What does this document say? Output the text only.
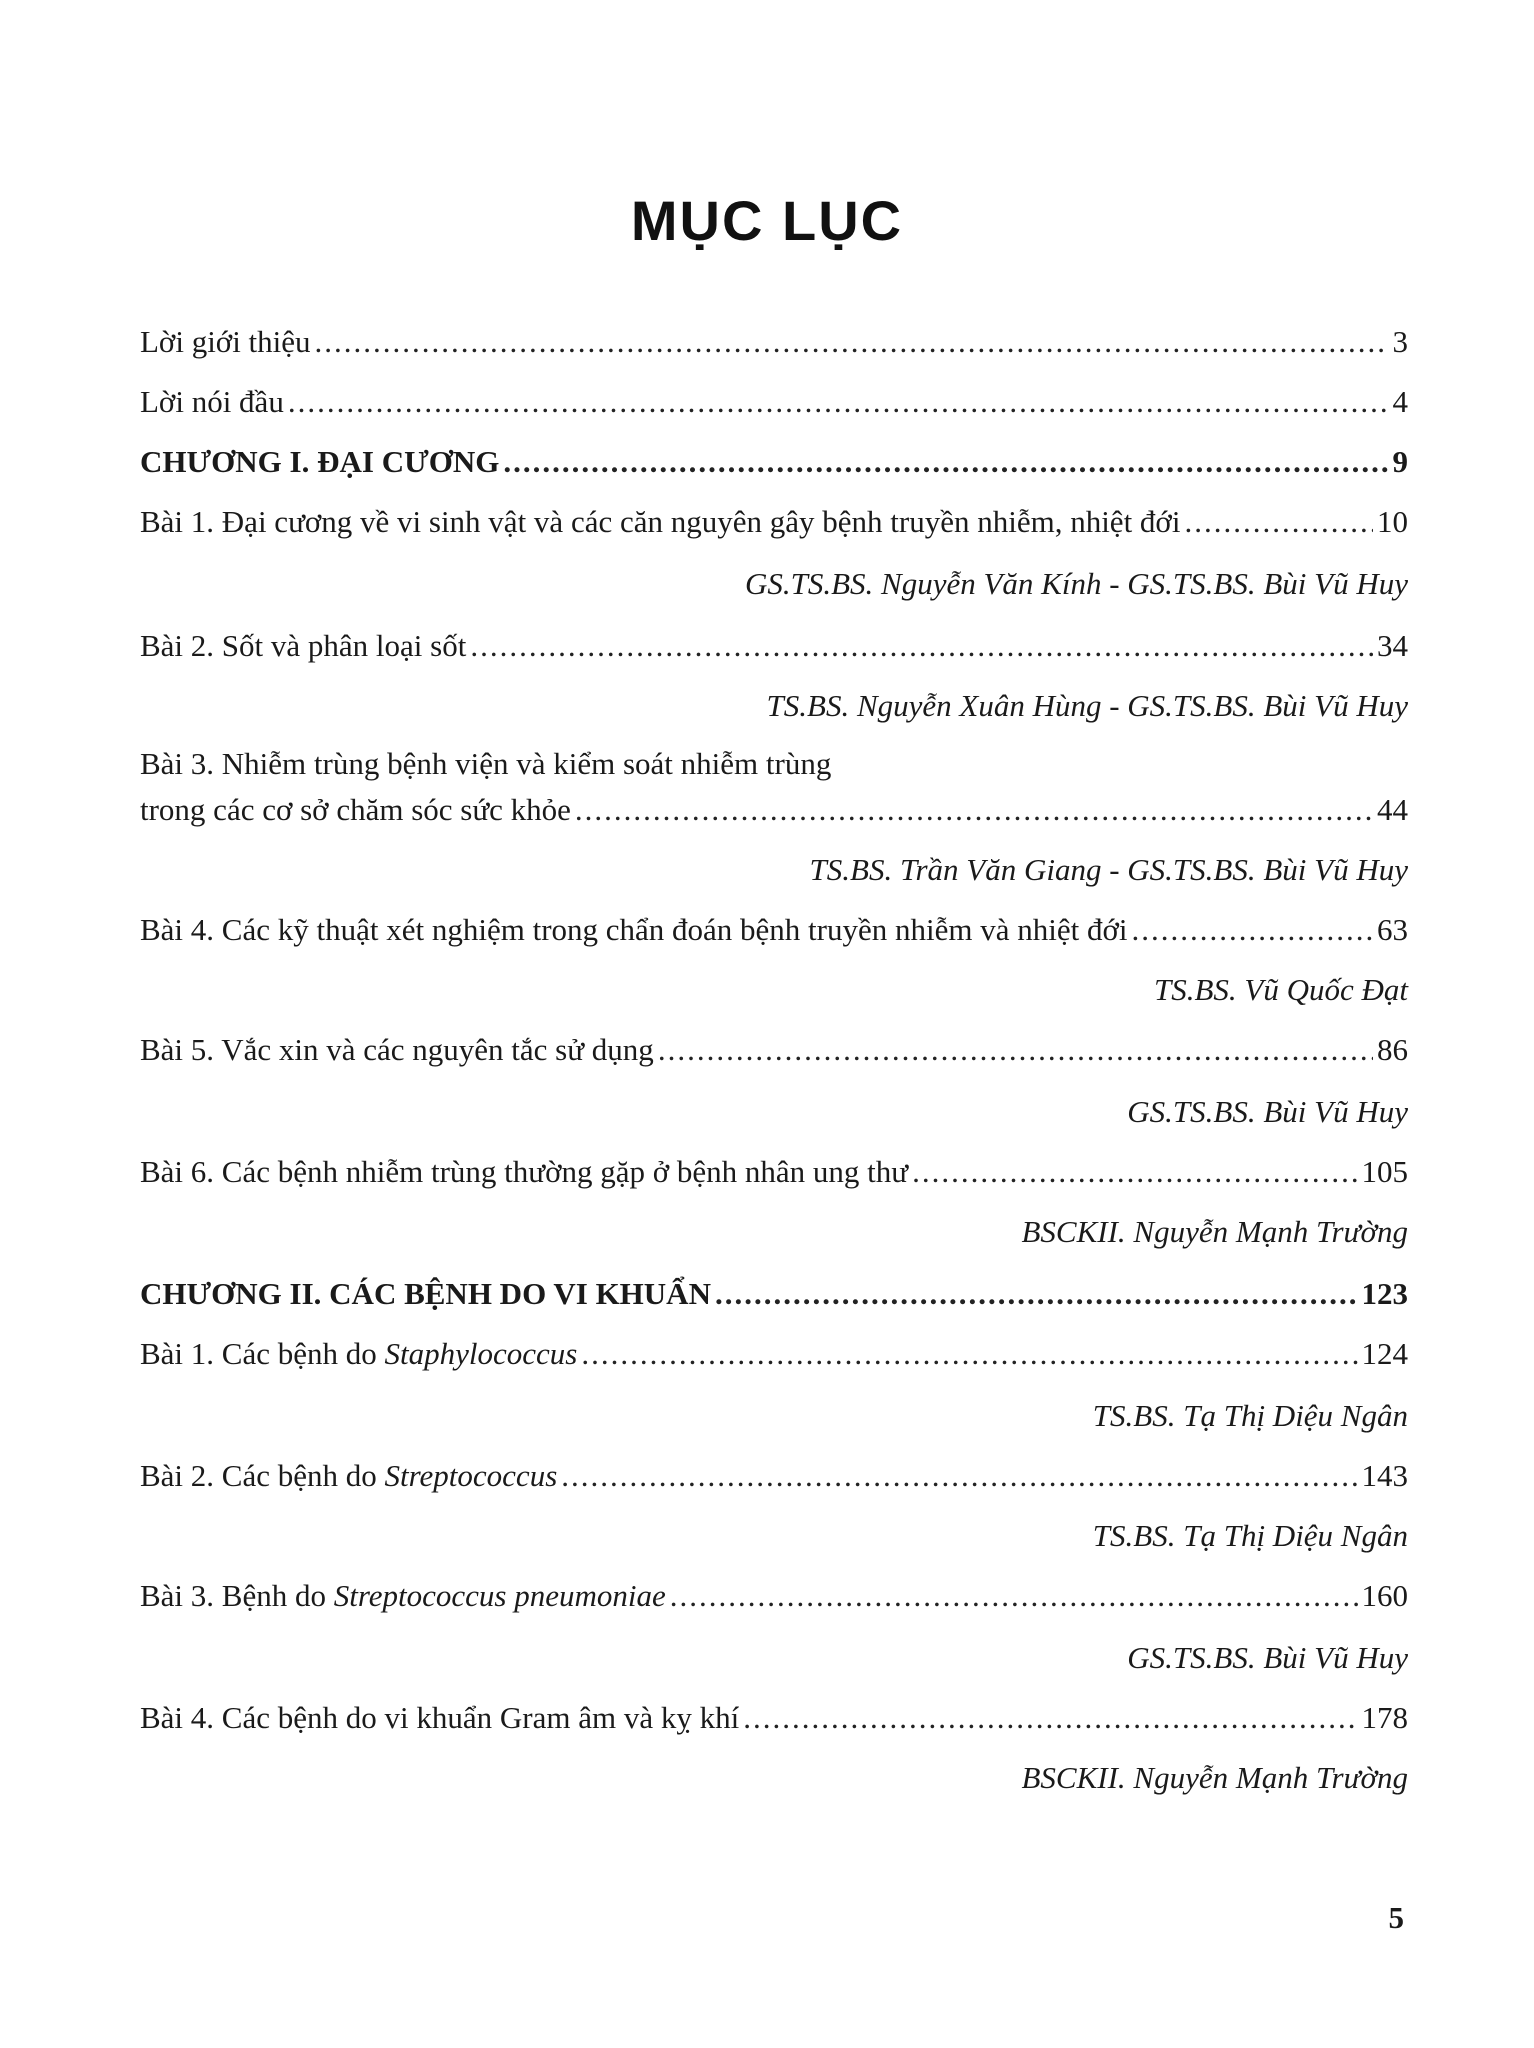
MỤC LỤC
Lời giới thiệu .....	3
Lời nói đầu .....	4
CHƯƠNG I. ĐẠI CƯƠNG .....	9
Bài 1. Đại cương về vi sinh vật và các căn nguyên gây bệnh truyền nhiễm, nhiệt đới .....	10
GS.TS.BS. Nguyễn Văn Kính - GS.TS.BS. Bùi Vũ Huy
Bài 2. Sốt và phân loại sốt .....	34
TS.BS. Nguyễn Xuân Hùng - GS.TS.BS. Bùi Vũ Huy
Bài 3. Nhiễm trùng bệnh viện và kiểm soát nhiễm trùng
trong các cơ sở chăm sóc sức khỏe .....	44
TS.BS. Trần Văn Giang - GS.TS.BS. Bùi Vũ Huy
Bài 4. Các kỹ thuật xét nghiệm trong chẩn đoán bệnh truyền nhiễm và nhiệt đới .....	63
TS.BS. Vũ Quốc Đạt
Bài 5. Vắc xin và các nguyên tắc sử dụng .....	86
GS.TS.BS. Bùi Vũ Huy
Bài 6. Các bệnh nhiễm trùng thường gặp ở bệnh nhân ung thư .....	105
BSCKII. Nguyễn Mạnh Trường
CHƯƠNG II. CÁC BỆNH DO VI KHUẨN .....	123
Bài 1. Các bệnh do Staphylococcus .....	124
TS.BS. Tạ Thị Diệu Ngân
Bài 2. Các bệnh do Streptococcus .....	143
TS.BS. Tạ Thị Diệu Ngân
Bài 3. Bệnh do Streptococcus pneumoniae .....	160
GS.TS.BS. Bùi Vũ Huy
Bài 4. Các bệnh do vi khuẩn Gram âm và kỵ khí .....	178
BSCKII. Nguyễn Mạnh Trường
5
